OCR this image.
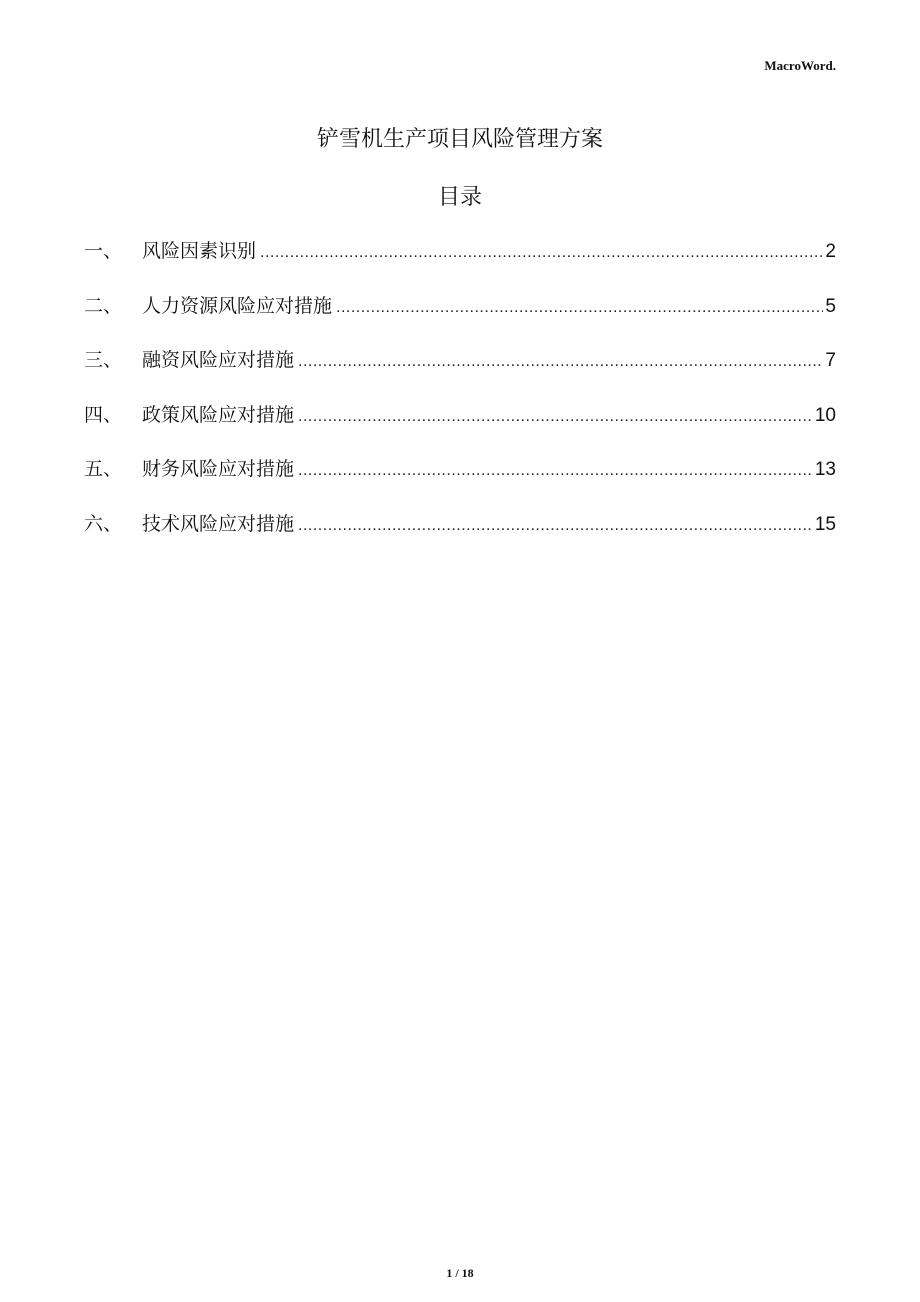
MacroWord.
铲雪机生产项目风险管理方案
目录
一、	风险因素识别 .....	2
二、	人力资源风险应对措施 .....	5
三、	融资风险应对措施 .....	7
四、	政策风险应对措施 .....	10
五、	财务风险应对措施 .....	13
六、	技术风险应对措施 .....	15
1 / 18
